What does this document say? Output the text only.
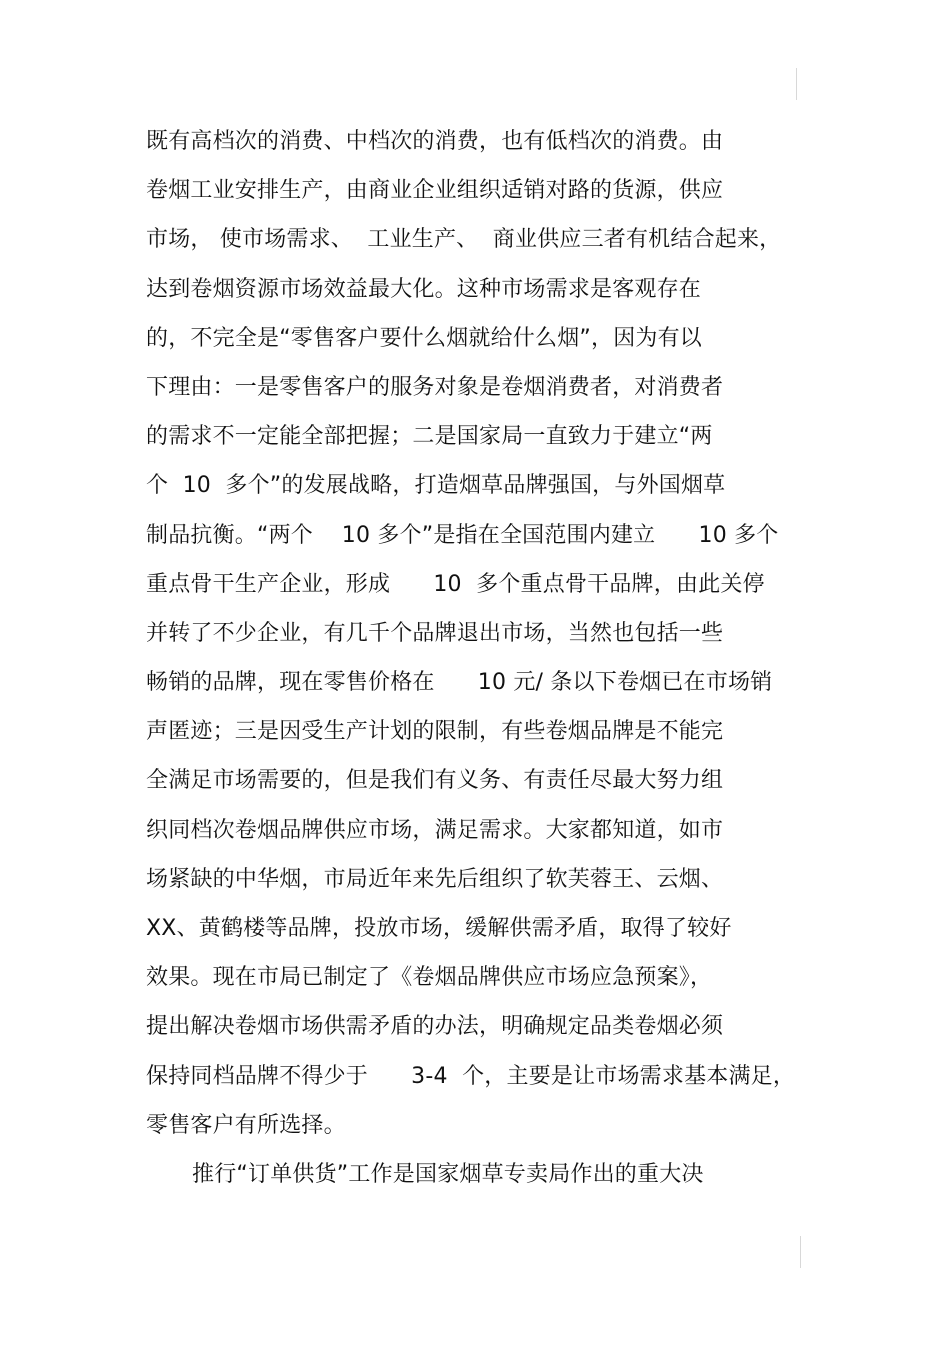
既有高档次的消费、中档次的消费，也有低档次的消费。由
卷烟工业安排生产，由商业企业组织适销对路的货源，供应
市场， 使市场需求、  工业生产、  商业供应三者有机结合起来，
达到卷烟资源市场效益最大化。这种市场需求是客观存在
的，不完全是“零售客户要什么烟就给什么烟”，因为有以
下理由：一是零售客户的服务对象是卷烟消费者，对消费者
的需求不一定能全部把握；二是国家局一直致力于建立“两
个  10  多个”的发展战略，打造烟草品牌强国，与外国烟草
制品抗衡。“两个    10 多个”是指在全国范围内建立      10 多个
重点骨干生产企业，形成      10  多个重点骨干品牌，由此关停
并转了不少企业，有几千个品牌退出市场，当然也包括一些
畅销的品牌，现在零售价格在      10 元/ 条以下卷烟已在市场销
声匿迹；三是因受生产计划的限制，有些卷烟品牌是不能完
全满足市场需要的，但是我们有义务、有责任尽最大努力组
织同档次卷烟品牌供应市场，满足需求。大家都知道，如市
场紧缺的中华烟，市局近年来先后组织了软芙蓉王、云烟、
XX、黄鹤楼等品牌，投放市场，缓解供需矛盾，取得了较好
效果。现在市局已制定了《卷烟品牌供应市场应急预案》，
提出解决卷烟市场供需矛盾的办法，明确规定品类卷烟必须
保持同档品牌不得少于      3-4  个，主要是让市场需求基本满足，
零售客户有所选择。
推行“订单供货”工作是国家烟草专卖局作出的重大决
